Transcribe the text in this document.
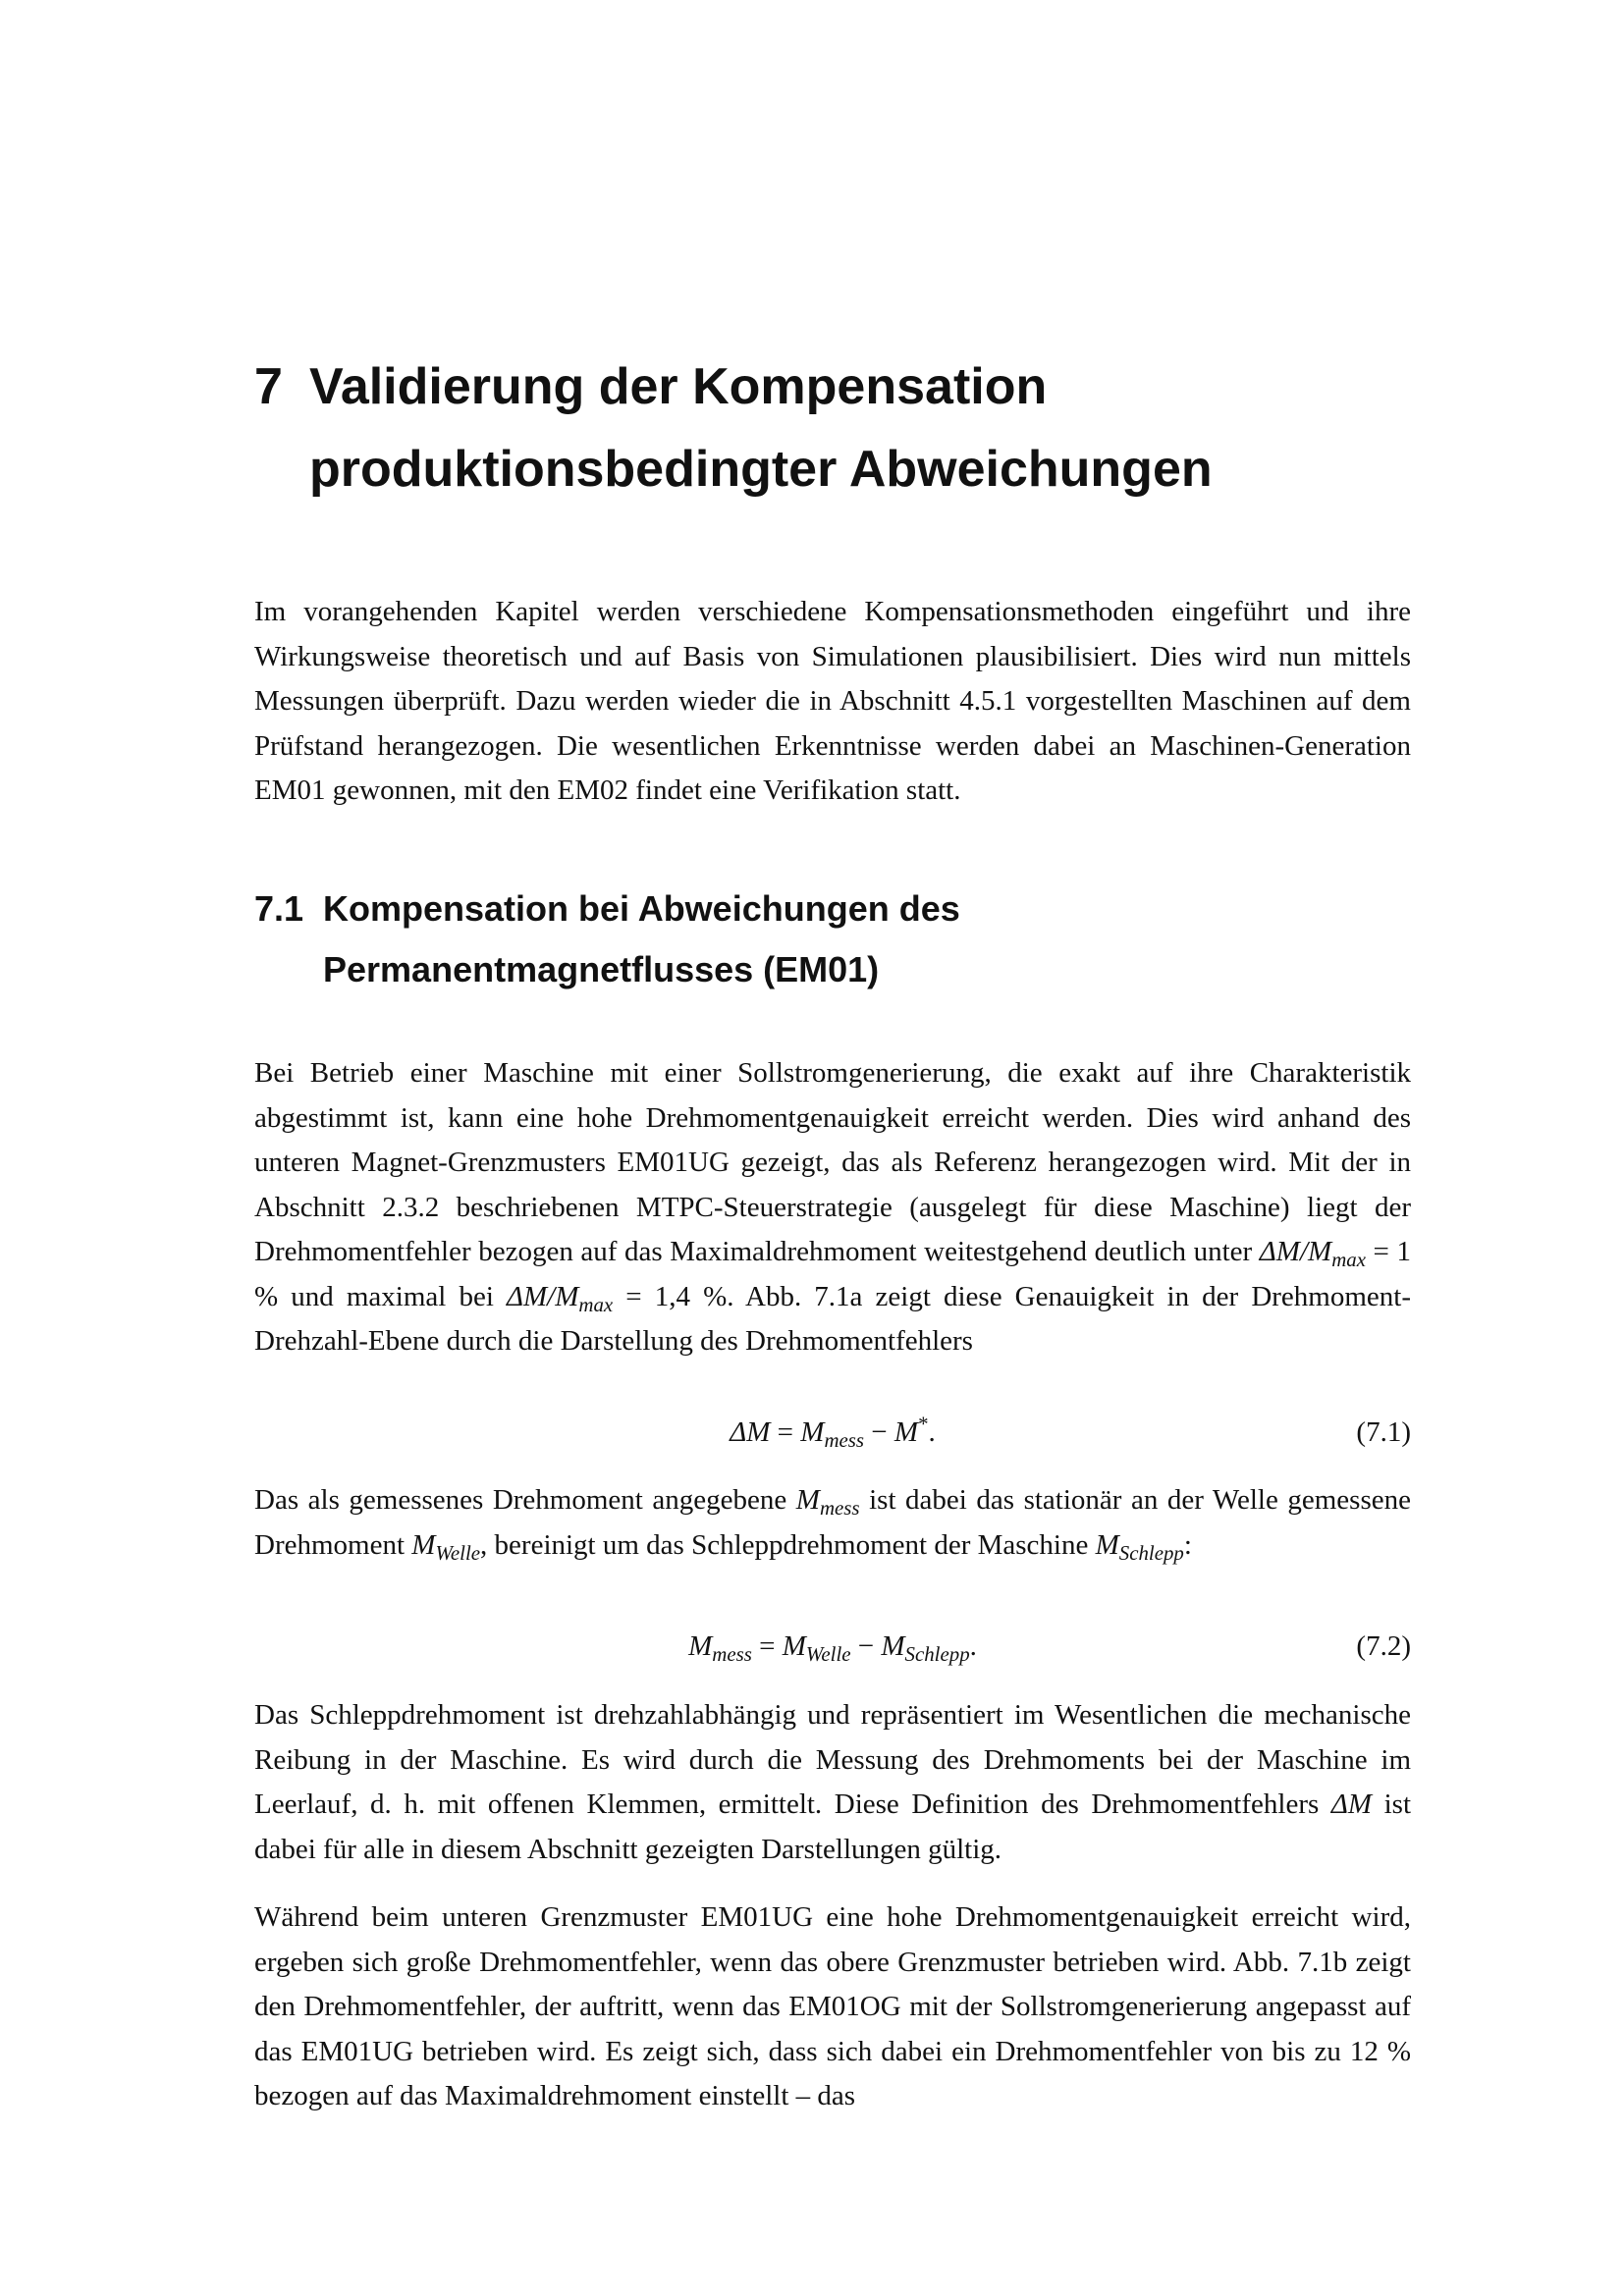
7 Validierung der Kompensation
produktionsbedingter Abweichungen

Im vorangehenden Kapitel werden verschiedene Kompensationsmethoden eingeführt und ihre Wirkungsweise theoretisch und auf Basis von Simulationen plausibilisiert. Dies wird nun mittels Messungen überprüft. Dazu werden wieder die in Abschnitt 4.5.1 vorgestellten Maschinen auf dem Prüfstand herangezogen. Die wesentlichen Erkenntnisse werden dabei an Maschinen-Generation EM01 gewonnen, mit den EM02 findet eine Verifikation statt.

7.1 Kompensation bei Abweichungen des
Permanentmagnetflusses (EM01)

Bei Betrieb einer Maschine mit einer Sollstromgenerierung, die exakt auf ihre Charakteristik abgestimmt ist, kann eine hohe Drehmomentgenauigkeit erreicht werden. Dies wird anhand des unteren Magnet-Grenzmusters EM01UG gezeigt, das als Referenz herangezogen wird. Mit der in Abschnitt 2.3.2 beschriebenen MTPC-Steuerstrategie (ausgelegt für diese Maschine) liegt der Drehmomentfehler bezogen auf das Maximaldrehmoment weitestgehend deutlich unter $\Delta M/M_{max} = 1$ % und maximal bei $\Delta M/M_{max} = 1,4$ %. Abb. 7.1a zeigt diese Genauigkeit in der Drehmoment-Drehzahl-Ebene durch die Darstellung des Drehmomentfehlers

$\Delta M = M_{mess} - M^*$.	(7.1)

Das als gemessenes Drehmoment angegebene $M_{mess}$ ist dabei das stationär an der Welle gemessene Drehmoment $M_{Welle}$, bereinigt um das Schleppdrehmoment der Maschine $M_{Schlepp}$:

$M_{mess} = M_{Welle} - M_{Schlepp}$.	(7.2)

Das Schleppdrehmoment ist drehzahlabhängig und repräsentiert im Wesentlichen die mechanische Reibung in der Maschine. Es wird durch die Messung des Drehmoments bei der Maschine im Leerlauf, d. h. mit offenen Klemmen, ermittelt. Diese Definition des Drehmomentfehlers ΔM ist dabei für alle in diesem Abschnitt gezeigten Darstellungen gültig.

Während beim unteren Grenzmuster EM01UG eine hohe Drehmomentgenauigkeit erreicht wird, ergeben sich große Drehmomentfehler, wenn das obere Grenzmuster betrieben wird. Abb. 7.1b zeigt den Drehmomentfehler, der auftritt, wenn das EM01OG mit der Sollstromgenerierung angepasst auf das EM01UG betrieben wird. Es zeigt sich, dass sich dabei ein Drehmomentfehler von bis zu 12 % bezogen auf das Maximaldrehmoment einstellt – das
